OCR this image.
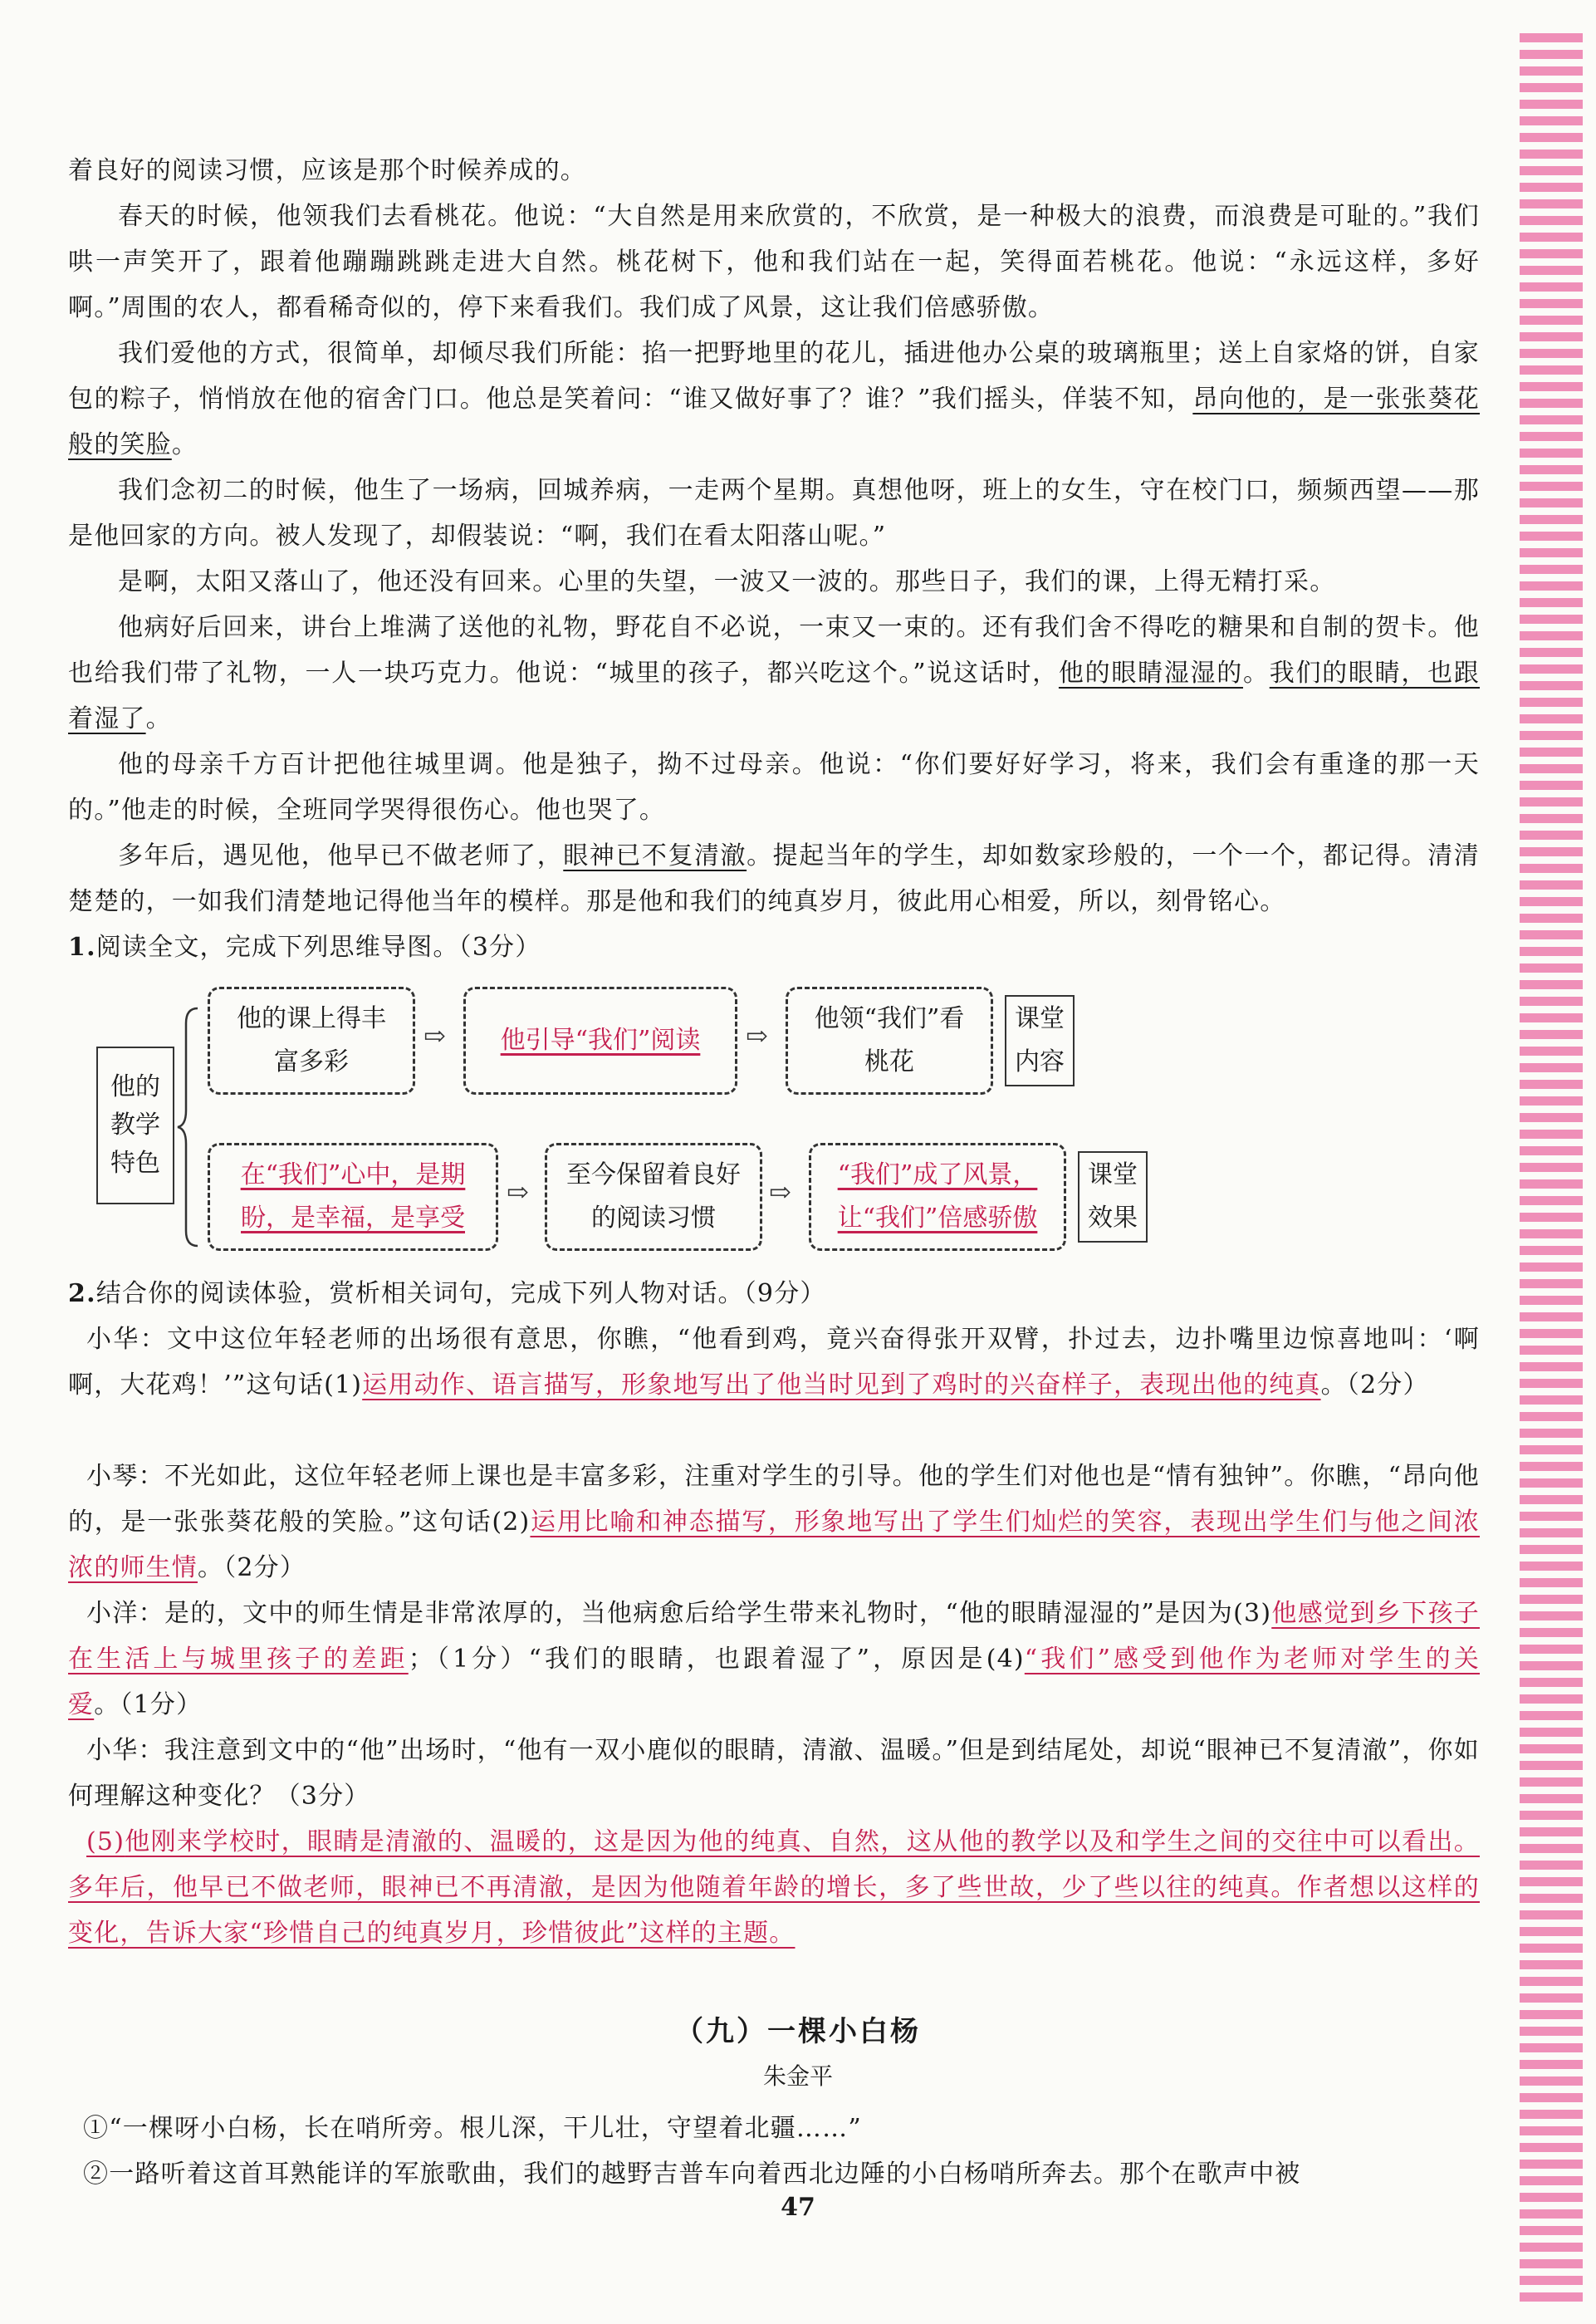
着良好的阅读习惯，应该是那个时候养成的。

春天的时候，他领我们去看桃花。他说：“大自然是用来欣赏的，不欣赏，是一种极大的浪费，而浪费是可耻的。”我们哄一声笑开了，跟着他蹦蹦跳跳走进大自然。桃花树下，他和我们站在一起，笑得面若桃花。他说：“永远这样，多好啊。”周围的农人，都看稀奇似的，停下来看我们。我们成了风景，这让我们倍感骄傲。

我们爱他的方式，很简单，却倾尽我们所能：掐一把野地里的花儿，插进他办公桌的玻璃瓶里；送上自家烙的饼，自家包的粽子，悄悄放在他的宿舍门口。他总是笑着问：“谁又做好事了？谁？”我们摇头，佯装不知，昂向他的，是一张张葵花般的笑脸。

我们念初二的时候，他生了一场病，回城养病，一走两个星期。真想他呀，班上的女生，守在校门口，频频西望——那是他回家的方向。被人发现了，却假装说：“啊，我们在看太阳落山呢。”

是啊，太阳又落山了，他还没有回来。心里的失望，一波又一波的。那些日子，我们的课，上得无精打采。

他病好后回来，讲台上堆满了送他的礼物，野花自不必说，一束又一束的。还有我们舍不得吃的糖果和自制的贺卡。他也给我们带了礼物，一人一块巧克力。他说：“城里的孩子，都兴吃这个。”说这话时，他的眼睛湿湿的。我们的眼睛，也跟着湿了。

他的母亲千方百计把他往城里调。他是独子，拗不过母亲。他说：“你们要好好学习，将来，我们会有重逢的那一天的。”他走的时候，全班同学哭得很伤心。他也哭了。

多年后，遇见他，他早已不做老师了，眼神已不复清澈。提起当年的学生，却如数家珍般的，一个一个，都记得。清清楚楚的，一如我们清楚地记得他当年的模样。那是他和我们的纯真岁月，彼此用心相爱，所以，刻骨铭心。

1.阅读全文，完成下列思维导图。（3分）

他的教学特色
他的课上得丰富多彩
⇨ 他引导“我们”阅读 ⇨
他领“我们”看桃花
课堂内容
在“我们”心中，是期盼，是幸福，是享受
⇨
至今保留着良好的阅读习惯
⇨
“我们”成了风景，让“我们”倍感骄傲
课堂效果

2.结合你的阅读体验，赏析相关词句，完成下列人物对话。（9分）

小华：文中这位年轻老师的出场很有意思，你瞧，“他看到鸡，竟兴奋得张开双臂，扑过去，边扑嘴里边惊喜地叫：‘啊啊，大花鸡！’”这句话(1)运用动作、语言描写，形象地写出了他当时见到了鸡时的兴奋样子，表现出他的纯真。（2分）

小琴：不光如此，这位年轻老师上课也是丰富多彩，注重对学生的引导。他的学生们对他也是“情有独钟”。你瞧，“昂向他的，是一张张葵花般的笑脸。”这句话(2)运用比喻和神态描写，形象地写出了学生们灿烂的笑容，表现出学生们与他之间浓浓的师生情。（2分）

小洋：是的，文中的师生情是非常浓厚的，当他病愈后给学生带来礼物时，“他的眼睛湿湿的”是因为(3)他感觉到乡下孩子在生活上与城里孩子的差距；（1分）“我们的眼睛，也跟着湿了”，原因是(4)“我们”感受到他作为老师对学生的关爱。（1分）

小华：我注意到文中的“他”出场时，“他有一双小鹿似的眼睛，清澈、温暖。”但是到结尾处，却说“眼神已不复清澈”，你如何理解这种变化？（3分）

(5)他刚来学校时，眼睛是清澈的、温暖的，这是因为他的纯真、自然，这从他的教学以及和学生之间的交往中可以看出。多年后，他早已不做老师，眼神已不再清澈，是因为他随着年龄的增长，多了些世故，少了些以往的纯真。作者想以这样的变化，告诉大家“珍惜自己的纯真岁月，珍惜彼此”这样的主题。

（九）一棵小白杨
朱金平

①“一棵呀小白杨，长在哨所旁。根儿深，干儿壮，守望着北疆……”

②一路听着这首耳熟能详的军旅歌曲，我们的越野吉普车向着西北边陲的小白杨哨所奔去。那个在歌声中被

47
